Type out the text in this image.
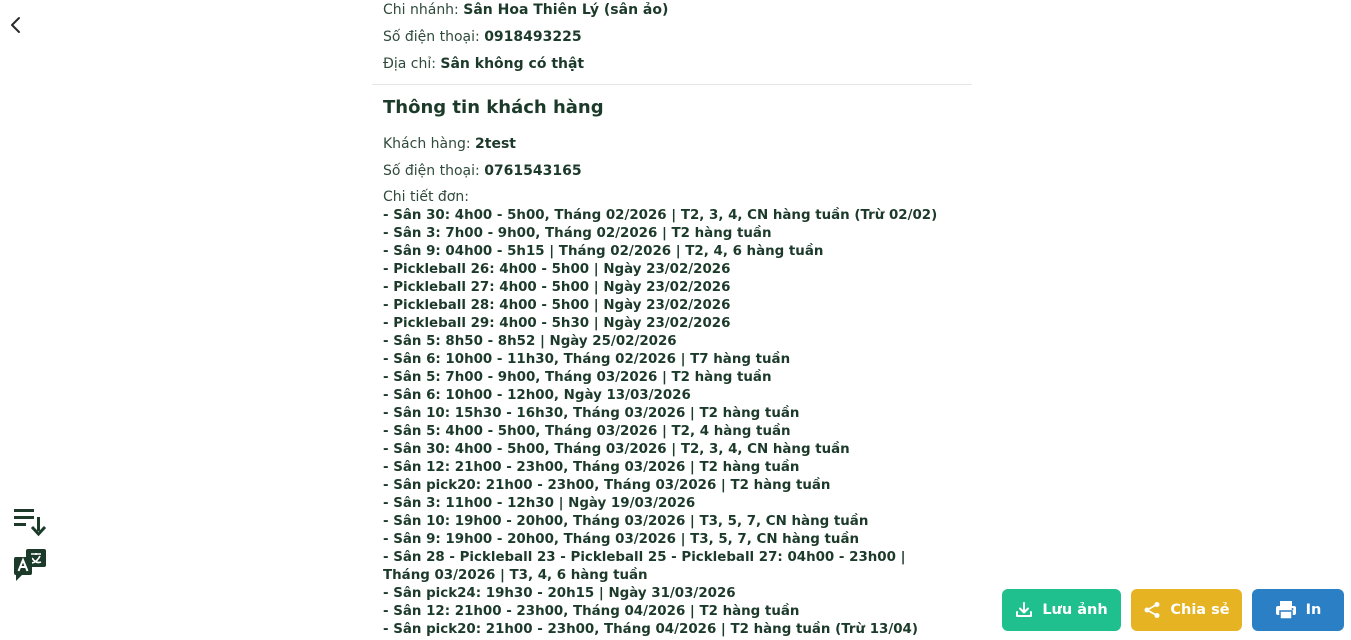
Chi nhánh: Sân Hoa Thiên Lý (sân ảo)
Số điện thoại: 0918493225
Địa chỉ: Sân không có thật
Thông tin khách hàng
Khách hàng: 2test
Số điện thoại: 0761543165
Chi tiết đơn:
- Sân 30: 4h00 - 5h00, Tháng 02/2026 | T2, 3, 4, CN hàng tuần (Trừ 02/02)
- Sân 3: 7h00 - 9h00, Tháng 02/2026 | T2 hàng tuần
- Sân 9: 04h00 - 5h15 | Tháng 02/2026 | T2, 4, 6 hàng tuần
- Pickleball 26: 4h00 - 5h00 | Ngày 23/02/2026
- Pickleball 27: 4h00 - 5h00 | Ngày 23/02/2026
- Pickleball 28: 4h00 - 5h00 | Ngày 23/02/2026
- Pickleball 29: 4h00 - 5h30 | Ngày 23/02/2026
- Sân 5: 8h50 - 8h52 | Ngày 25/02/2026
- Sân 6: 10h00 - 11h30, Tháng 02/2026 | T7 hàng tuần
- Sân 5: 7h00 - 9h00, Tháng 03/2026 | T2 hàng tuần
- Sân 6: 10h00 - 12h00, Ngày 13/03/2026
- Sân 10: 15h30 - 16h30, Tháng 03/2026 | T2 hàng tuần
- Sân 5: 4h00 - 5h00, Tháng 03/2026 | T2, 4 hàng tuần
- Sân 30: 4h00 - 5h00, Tháng 03/2026 | T2, 3, 4, CN hàng tuần
- Sân 12: 21h00 - 23h00, Tháng 03/2026 | T2 hàng tuần
- Sân pick20: 21h00 - 23h00, Tháng 03/2026 | T2 hàng tuần
- Sân 3: 11h00 - 12h30 | Ngày 19/03/2026
- Sân 10: 19h00 - 20h00, Tháng 03/2026 | T3, 5, 7, CN hàng tuần
- Sân 9: 19h00 - 20h00, Tháng 03/2026 | T3, 5, 7, CN hàng tuần
- Sân 28 - Pickleball 23 - Pickleball 25 - Pickleball 27: 04h00 - 23h00 | Tháng 03/2026 | T3, 4, 6 hàng tuần
- Sân pick24: 19h30 - 20h15 | Ngày 31/03/2026
- Sân 12: 21h00 - 23h00, Tháng 04/2026 | T2 hàng tuần
- Sân pick20: 21h00 - 23h00, Tháng 04/2026 | T2 hàng tuần (Trừ 13/04)
Lưu ảnh	Chia sẻ	In
